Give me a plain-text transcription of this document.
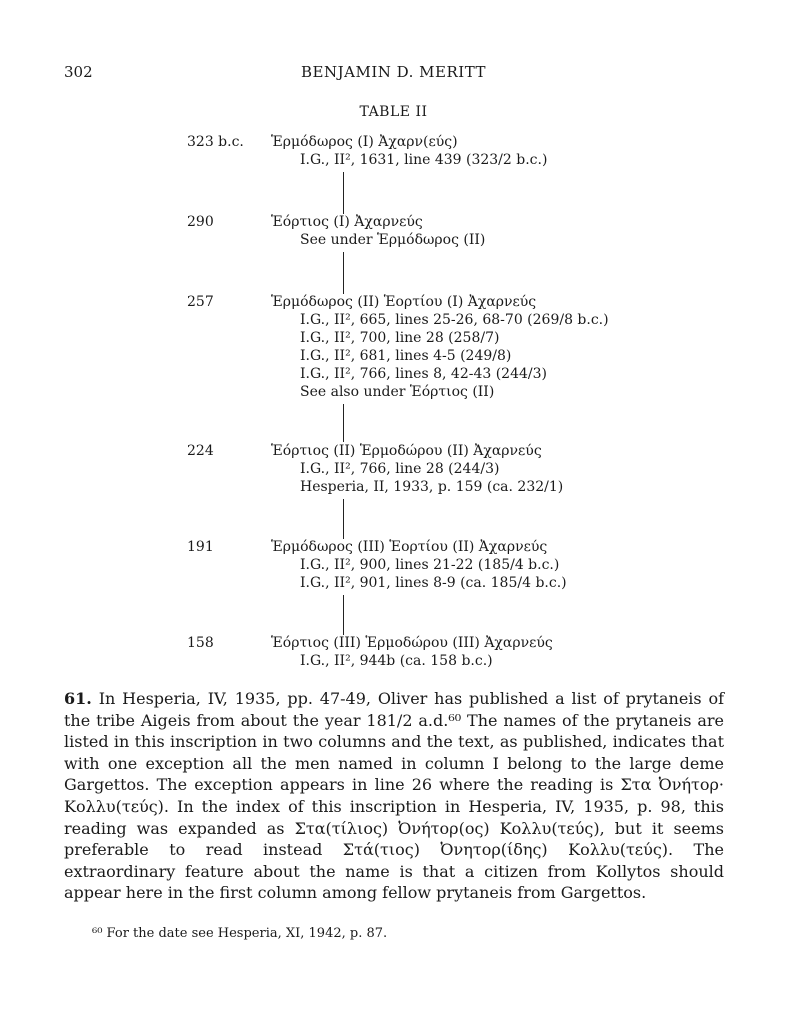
302	BENJAMIN D. MERITT
TABLE II
323 b.c. Ἑρμόδωρος (I) Ἀχαρν(εύς)
I.G., II², 1631, line 439 (323/2 b.c.)
290	Ἑόρτιος (I) Ἀχαρνεύς
See under Ἑρμόδωρος (II)
257	Ἑρμόδωρος (II) Ἑορτίου (I) Ἀχαρνεύς
I.G., II², 665, lines 25-26, 68-70 (269/8 b.c.)
I.G., II², 700, line 28 (258/7)
I.G., II², 681, lines 4-5 (249/8)
I.G., II², 766, lines 8, 42-43 (244/3)
See also under Ἑόρτιος (II)
224	Ἑόρτιος (II) Ἑρμοδώρου (II) Ἀχαρνεύς
I.G., II², 766, line 28 (244/3)
Hesperia, II, 1933, p. 159 (ca. 232/1)
191	Ἑρμόδωρος (III) Ἑορτίου (II) Ἀχαρνεύς
I.G., II², 900, lines 21-22 (185/4 b.c.)
I.G., II², 901, lines 8-9 (ca. 185/4 b.c.)
158	Ἑόρτιος (III) Ἑρμοδώρου (III) Ἀχαρνεύς
I.G., II², 944b (ca. 158 b.c.)
61. In Hesperia, IV, 1935, pp. 47-49, Oliver has published a list of prytaneis of the tribe Aigeis from about the year 181/2 a.d.⁶⁰ The names of the prytaneis are listed in this inscription in two columns and the text, as published, indicates that with one exception all the men named in column I belong to the large deme Gargettos. The exception appears in line 26 where the reading is Στα Ὀνήτορ· Κολλυ(τεύς). In the index of this inscription in Hesperia, IV, 1935, p. 98, this reading was expanded as Στα(τίλιος) Ὀνήτορ(ος) Κολλυ(τεύς), but it seems preferable to read instead Στά(τιος) Ὀνητορ(ίδης) Κολλυ(τεύς). The extraordinary feature about the name is that a citizen from Kollytos should appear here in the first column among fellow prytaneis from Gargettos.
⁶⁰ For the date see Hesperia, XI, 1942, p. 87.
